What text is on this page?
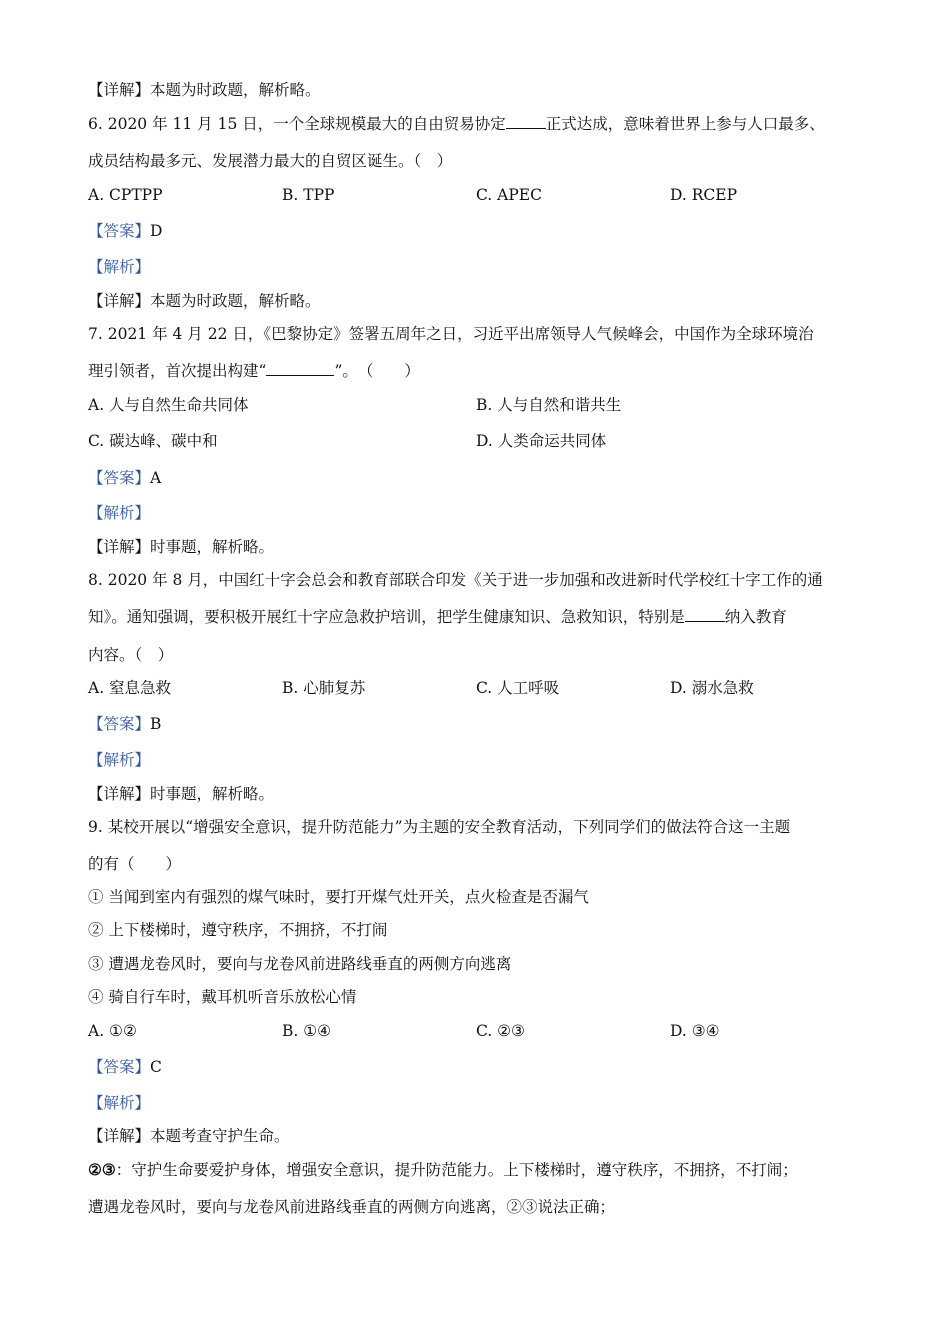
【详解】本题为时政题，解析略。
6. 2020 年 11 月 15 日，一个全球规模最大的自由贸易协定	正式达成，意味着世界上参与人口最多、
成员结构最多元、发展潜力最大的自贸区诞生。（　）
A. CPTPP	B. TPP	C. APEC	D. RCEP
【答案】D
【解析】
【详解】本题为时政题，解析略。
7. 2021 年 4 月 22 日，《巴黎协定》签署五周年之日，习近平出席领导人气候峰会，中国作为全球环境治
理引领者，首次提出构建“	”。　（　　）
A. 人与自然生命共同体	B. 人与自然和谐共生
C. 碳达峰、碳中和	D. 人类命运共同体
【答案】A
【解析】
【详解】时事题，解析略。
8. 2020 年 8 月，中国红十字会总会和教育部联合印发《关于进一步加强和改进新时代学校红十字工作的通
知》。通知强调，要积极开展红十字应急救护培训，把学生健康知识、急救知识，特别是	纳入教育
内容。（　）
A. 窒息急救	B. 心肺复苏	C. 人工呼吸	D. 溺水急救
【答案】B
【解析】
【详解】时事题，解析略。
9. 某校开展以“增强安全意识，提升防范能力”为主题的安全教育活动，下列同学们的做法符合这一主题
的有（　　）
① 当闻到室内有强烈的煤气味时，要打开煤气灶开关，点火检查是否漏气
② 上下楼梯时，遵守秩序，不拥挤，不打闹
③ 遭遇龙卷风时，要向与龙卷风前进路线垂直的两侧方向逃离
④ 骑自行车时，戴耳机听音乐放松心情
A. ①②	B. ①④	C. ②③	D. ③④
【答案】C
【解析】
【详解】本题考查守护生命。
②③：守护生命要爱护身体，增强安全意识，提升防范能力。上下楼梯时，遵守秩序，不拥挤，不打闹；
遭遇龙卷风时，要向与龙卷风前进路线垂直的两侧方向逃离，②③说法正确；
